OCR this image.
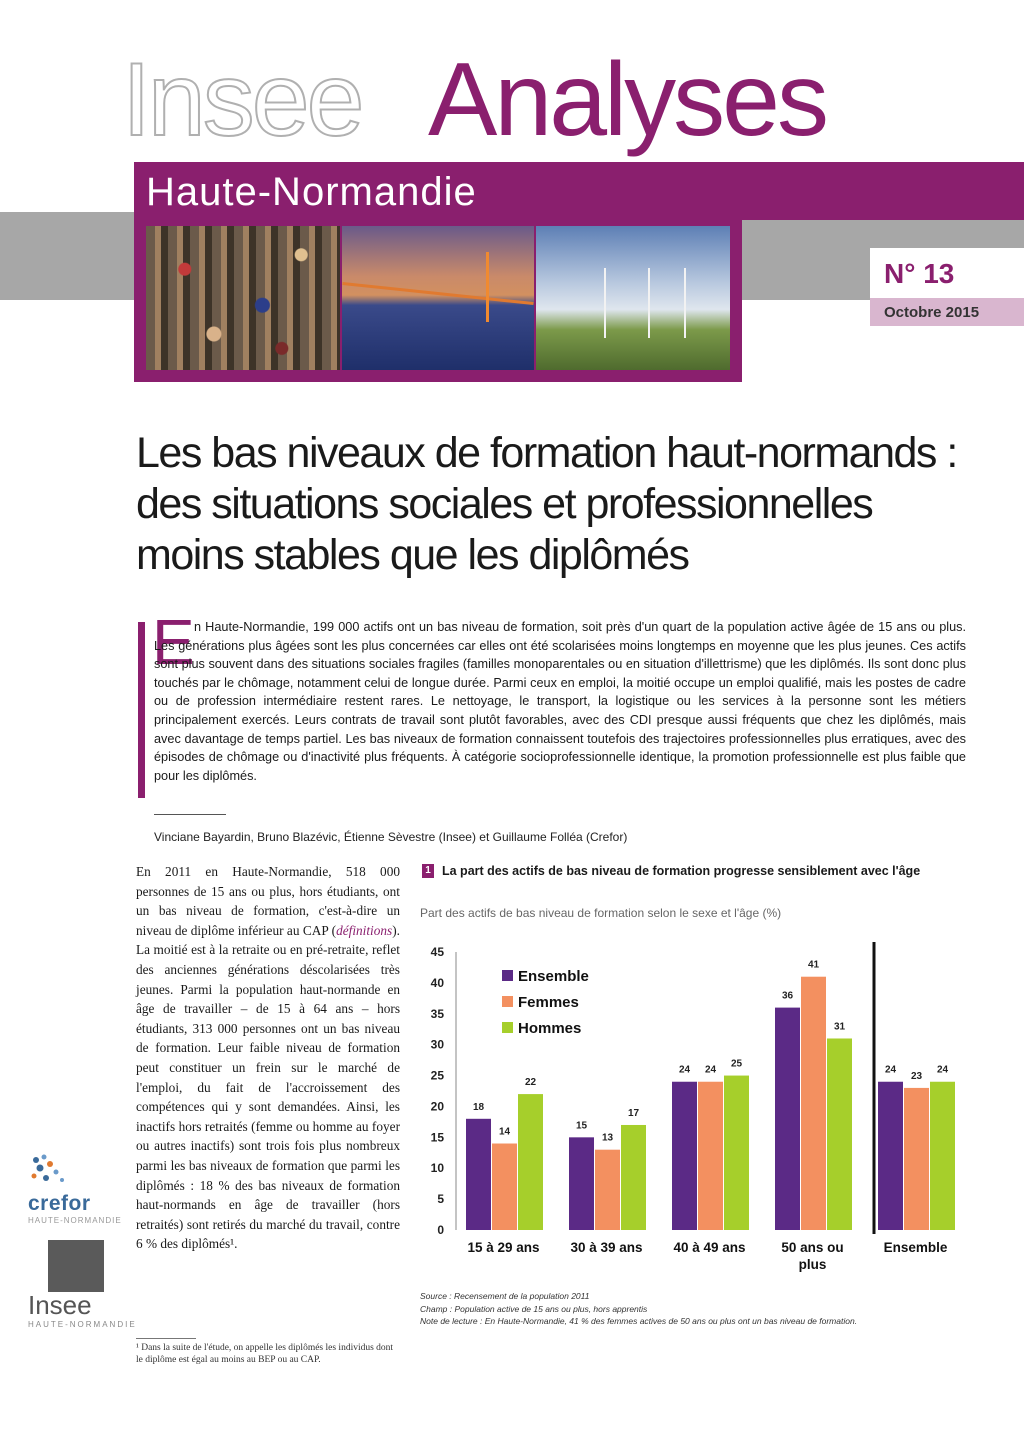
Insee Analyses
Haute-Normandie
N° 13
Octobre 2015
Les bas niveaux de formation haut-normands : des situations sociales et professionnelles moins stables que les diplômés
E n Haute-Normandie, 199 000 actifs ont un bas niveau de formation, soit près d'un quart de la population active âgée de 15 ans ou plus. Les générations plus âgées sont les plus concernées car elles ont été scolarisées moins longtemps en moyenne que les plus jeunes. Ces actifs sont plus souvent dans des situations sociales fragiles (familles monoparentales ou en situation d'illettrisme) que les diplômés. Ils sont donc plus touchés par le chômage, notamment celui de longue durée. Parmi ceux en emploi, la moitié occupe un emploi qualifié, mais les postes de cadre ou de profession intermédiaire restent rares. Le nettoyage, le transport, la logistique ou les services à la personne sont les métiers principalement exercés. Leurs contrats de travail sont plutôt favorables, avec des CDI presque aussi fréquents que chez les diplômés, mais avec davantage de temps partiel. Les bas niveaux de formation connaissent toutefois des trajectoires professionnelles plus erratiques, avec des épisodes de chômage ou d'inactivité plus fréquents. À catégorie socioprofessionnelle identique, la promotion professionnelle est plus faible que pour les diplômés.
Vinciane Bayardin, Bruno Blazévic, Étienne Sèvestre (Insee) et Guillaume Folléa (Crefor)
En 2011 en Haute-Normandie, 518 000 personnes de 15 ans ou plus, hors étudiants, ont un bas niveau de formation, c'est-à-dire un niveau de diplôme inférieur au CAP (définitions). La moitié est à la retraite ou en pré-retraite, reflet des anciennes générations déscolarisées très jeunes. Parmi la population haut-normande en âge de travailler – de 15 à 64 ans – hors étudiants, 313 000 personnes ont un bas niveau de formation. Leur faible niveau de formation peut constituer un frein sur le marché de l'emploi, du fait de l'accroissement des compétences qui y sont demandées. Ainsi, les inactifs hors retraités (femme ou homme au foyer ou autres inactifs) sont trois fois plus nombreux parmi les bas niveaux de formation que parmi les diplômés : 18 % des bas niveaux de formation haut-normands en âge de travailler (hors retraités) sont retirés du marché du travail, contre 6 % des diplômés¹.
¹ Dans la suite de l'étude, on appelle les diplômés les individus dont le diplôme est égal au moins au BEP ou au CAP.
crefor
HAUTE-NORMANDIE
Insee
HAUTE-NORMANDIE
1 La part des actifs de bas niveau de formation progresse sensiblement avec l'âge
Part des actifs de bas niveau de formation selon le sexe et l'âge (%)
0
5
10
15
20
25
30
35
40
45
18
14
22
15 à 29 ans
15
13
17
30 à 39 ans
24 24
25
40 à 49 ans
36
41
31
50 ans ou
plus
24
23
24
Ensemble
Ensemble
Femmes
Hommes
Source : Recensement de la population 2011
Champ : Population active de 15 ans ou plus, hors apprentis
Note de lecture : En Haute-Normandie, 41 % des femmes actives de 50 ans ou plus ont un bas niveau de formation.
